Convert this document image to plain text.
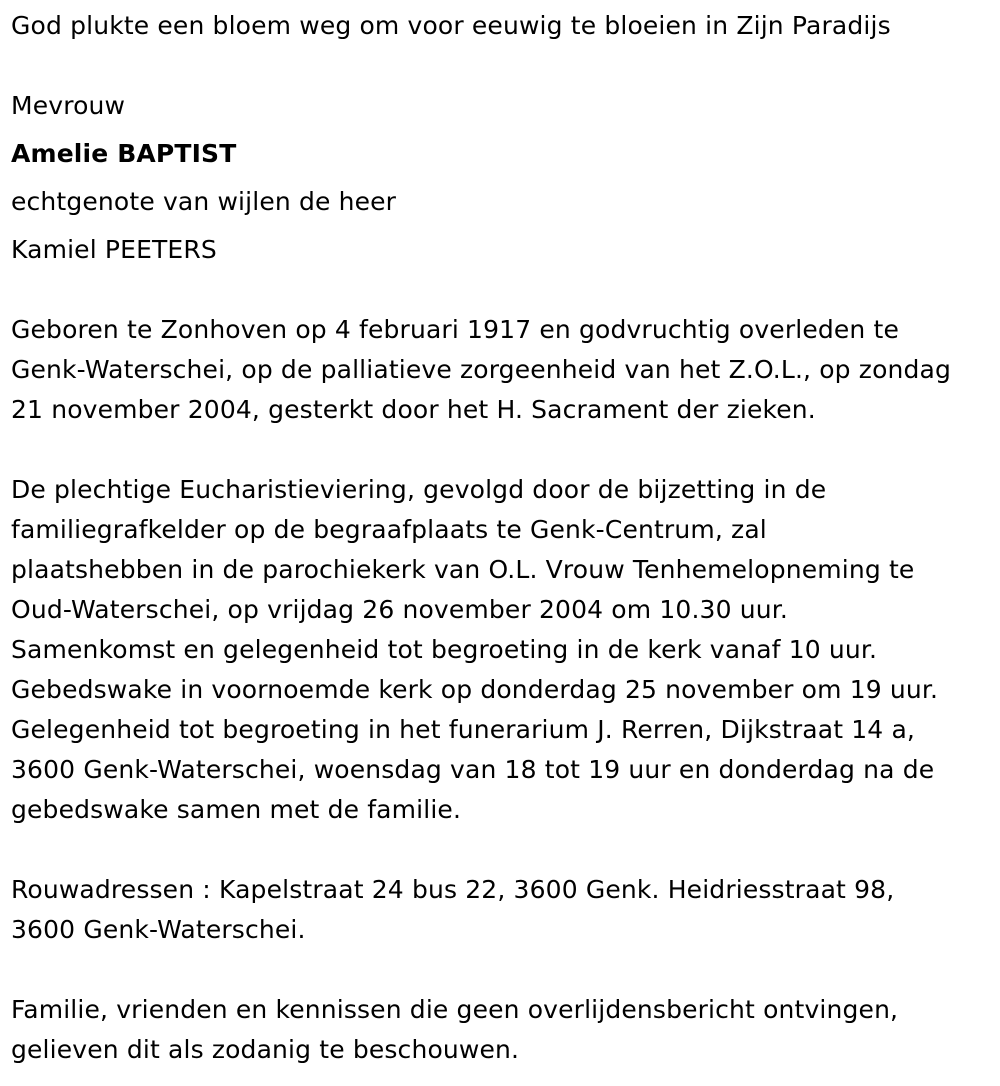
God plukte een bloem weg om voor eeuwig te bloeien in Zijn Paradijs
Mevrouw
Amelie BAPTIST
echtgenote van wijlen de heer
Kamiel PEETERS
Geboren te Zonhoven op 4 februari 1917 en godvruchtig overleden te
Genk-Waterschei, op de palliatieve zorgeenheid van het Z.O.L., op zondag
21 november 2004, gesterkt door het H. Sacrament der zieken.
De plechtige Eucharistieviering, gevolgd door de bijzetting in de
familiegrafkelder op de begraafplaats te Genk-Centrum, zal
plaatshebben in de parochiekerk van O.L. Vrouw Tenhemelopneming te
Oud-Waterschei, op vrijdag 26 november 2004 om 10.30 uur.
Samenkomst en gelegenheid tot begroeting in de kerk vanaf 10 uur.
Gebedswake in voornoemde kerk op donderdag 25 november om 19 uur.
Gelegenheid tot begroeting in het funerarium J. Rerren, Dijkstraat 14 a,
3600 Genk-Waterschei, woensdag van 18 tot 19 uur en donderdag na de
gebedswake samen met de familie.
Rouwadressen : Kapelstraat 24 bus 22, 3600 Genk. Heidriesstraat 98,
3600 Genk-Waterschei.
Familie, vrienden en kennissen die geen overlijdensbericht ontvingen,
gelieven dit als zodanig te beschouwen.
